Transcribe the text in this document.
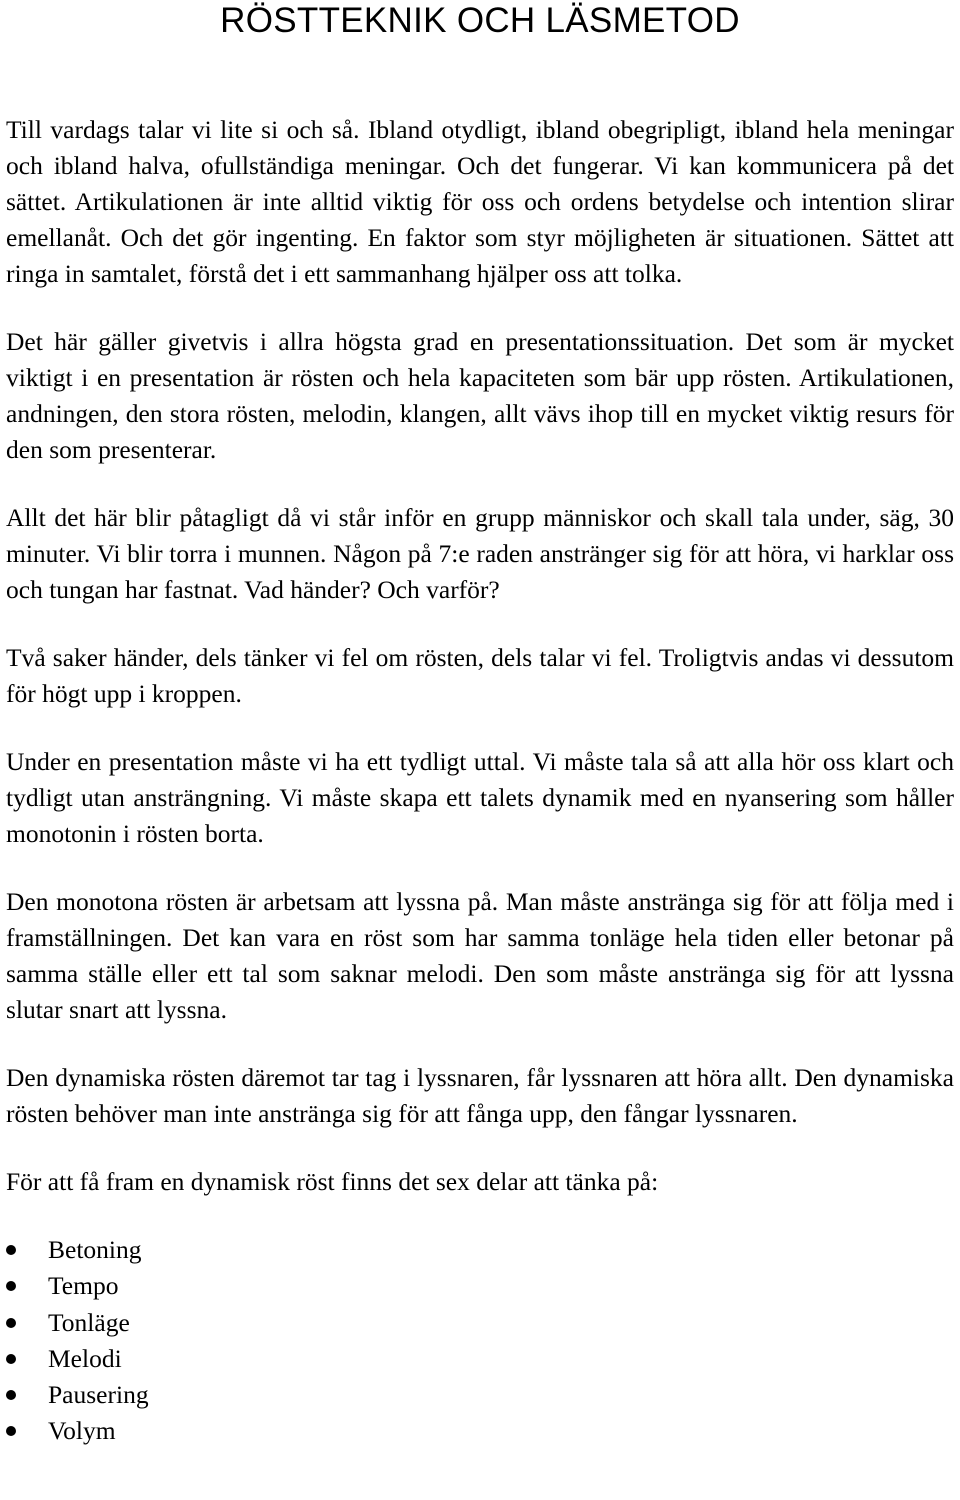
RÖSTTEKNIK OCH LÄSMETOD

Till vardags talar vi lite si och så. Ibland otydligt, ibland obegripligt, ibland hela meningar och ibland halva, ofullständiga meningar. Och det fungerar. Vi kan kommunicera på det sättet. Artikulationen är inte alltid viktig för oss och ordens betydelse och intention slirar emellanåt. Och det gör ingenting. En faktor som styr möjligheten är situationen. Sättet att ringa in samtalet, förstå det i ett sammanhang hjälper oss att tolka.

Det här gäller givetvis i allra högsta grad en presentationssituation. Det som är mycket viktigt i en presentation är rösten och hela kapaciteten som bär upp rösten. Artikulationen, andningen, den stora rösten, melodin, klangen, allt vävs ihop till en mycket viktig resurs för den som presenterar.

Allt det här blir påtagligt då vi står inför en grupp människor och skall tala under, säg, 30 minuter. Vi blir torra i munnen. Någon på 7:e raden anstränger sig för att höra, vi harklar oss och tungan har fastnat. Vad händer? Och varför?

Två saker händer, dels tänker vi fel om rösten, dels talar vi fel. Troligtvis andas vi dessutom för högt upp i kroppen.

Under en presentation måste vi ha ett tydligt uttal. Vi måste tala så att alla hör oss klart och tydligt utan ansträngning. Vi måste skapa ett talets dynamik med en nyansering som håller monotonin i rösten borta.

Den monotona rösten är arbetsam att lyssna på. Man måste anstränga sig för att följa med i framställningen. Det kan vara en röst som har samma tonläge hela tiden eller betonar på samma ställe eller ett tal som saknar melodi. Den som måste anstränga sig för att lyssna slutar snart att lyssna.

Den dynamiska rösten däremot tar tag i lyssnaren, får lyssnaren att höra allt. Den dynamiska rösten behöver man inte anstränga sig för att fånga upp, den fångar lyssnaren.

För att få fram en dynamisk röst finns det sex delar att tänka på:

Betoning
Tempo
Tonläge
Melodi
Pausering
Volym
